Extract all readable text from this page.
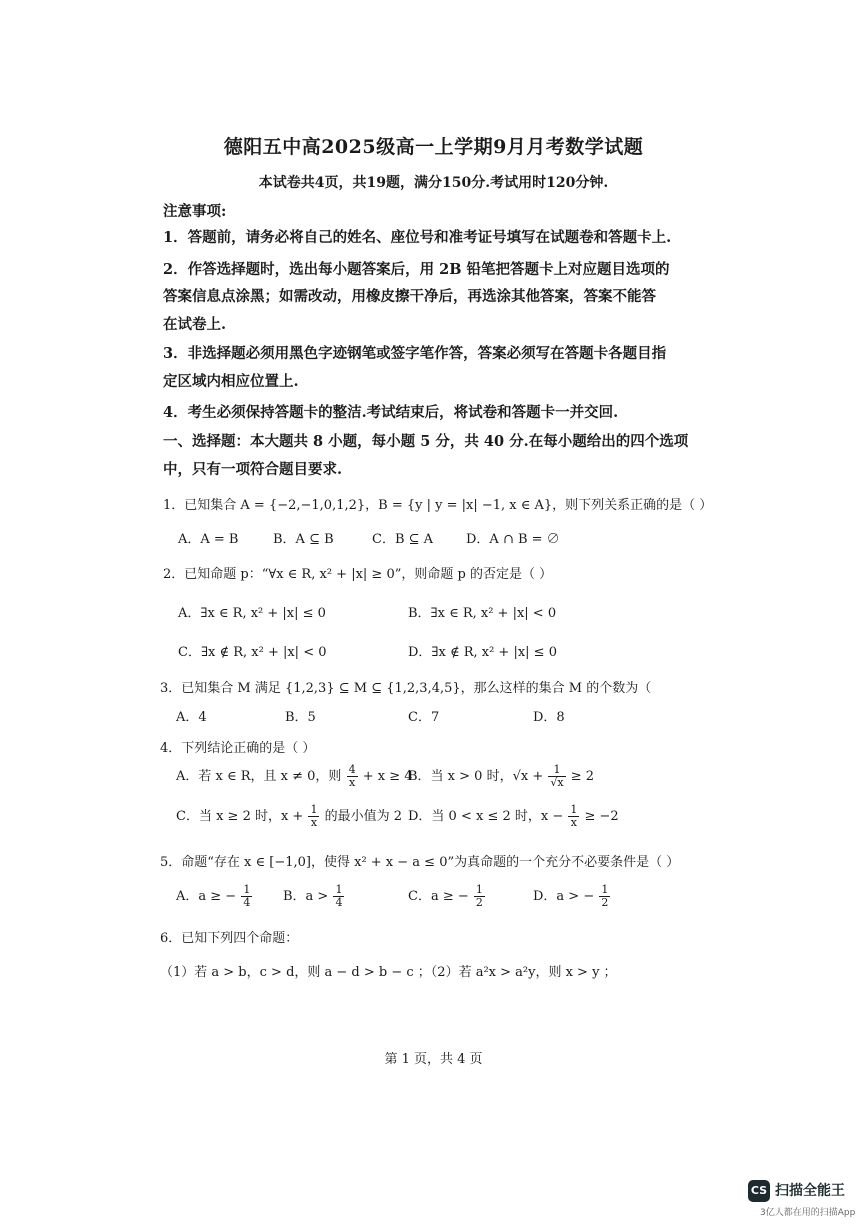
德阳五中高2025级高一上学期9月月考数学试题
本试卷共4页，共19题，满分150分.考试用时120分钟.
注意事项:
1．答题前，请务必将自己的姓名、座位号和准考证号填写在试题卷和答题卡上.
2．作答选择题时，选出每小题答案后，用 2B 铅笔把答题卡上对应题目选项的
答案信息点涂黑；如需改动，用橡皮擦干净后，再选涂其他答案，答案不能答
在试卷上.
3．非选择题必须用黑色字迹钢笔或签字笔作答，答案必须写在答题卡各题目指
定区域内相应位置上.
4．考生必须保持答题卡的整洁.考试结束后，将试卷和答题卡一并交回.
一、选择题：本大题共 8 小题，每小题 5 分，共 40 分.在每小题给出的四个选项
中，只有一项符合题目要求.
1．已知集合 A = {−2,−1,0,1,2}，B = {y | y = |x| −1, x ∈ A}，则下列关系正确的是（ ）
A．A = B	B．A ⊆ B	C．B ⊆ A	D．A ∩ B = ∅
2．已知命题 p：“∀x ∈ R, x² + |x| ≥ 0”，则命题 p 的否定是（ ）
A．∃x ∈ R, x² + |x| ≤ 0	B．∃x ∈ R, x² + |x| < 0
C．∃x ∉ R, x² + |x| < 0	D．∃x ∉ R, x² + |x| ≤ 0
3．已知集合 M 满足 {1,2,3} ⊆ M ⊆ {1,2,3,4,5}，那么这样的集合 M 的个数为（
A．4	B．5	C．7	D．8
4．下列结论正确的是（ ）
A．若 x ∈ R，且 x ≠ 0，则 $\frac{4}{x} + x \ge 4$
B．当 x > 0 时，$√x + \frac{1}{√x} \ge 2$
C．当 x ≥ 2 时，$x + \frac{1}{x}$ 的最小值为 2 D．当 0 < x ≤ 2 时，$x - \frac{1}{x} \ge -2$
5．命题“存在 x ∈ [−1,0]，使得 x² + x − a ≤ 0”为真命题的一个充分不必要条件是（ ）
A．a ≥ − $\frac{1}{4}$ B．$a > \frac{1}{4}$	C．a ≥ − $\frac{1}{2}$	D．a > − $\frac{1}{2}$
6．已知下列四个命题：
（1）若 a > b，c > d，则 a − d > b − c ；（2）若 a²x > a²y，则 x > y ；
第 1 页，共 4 页
CS 扫描全能王
3亿人都在用的扫描App
